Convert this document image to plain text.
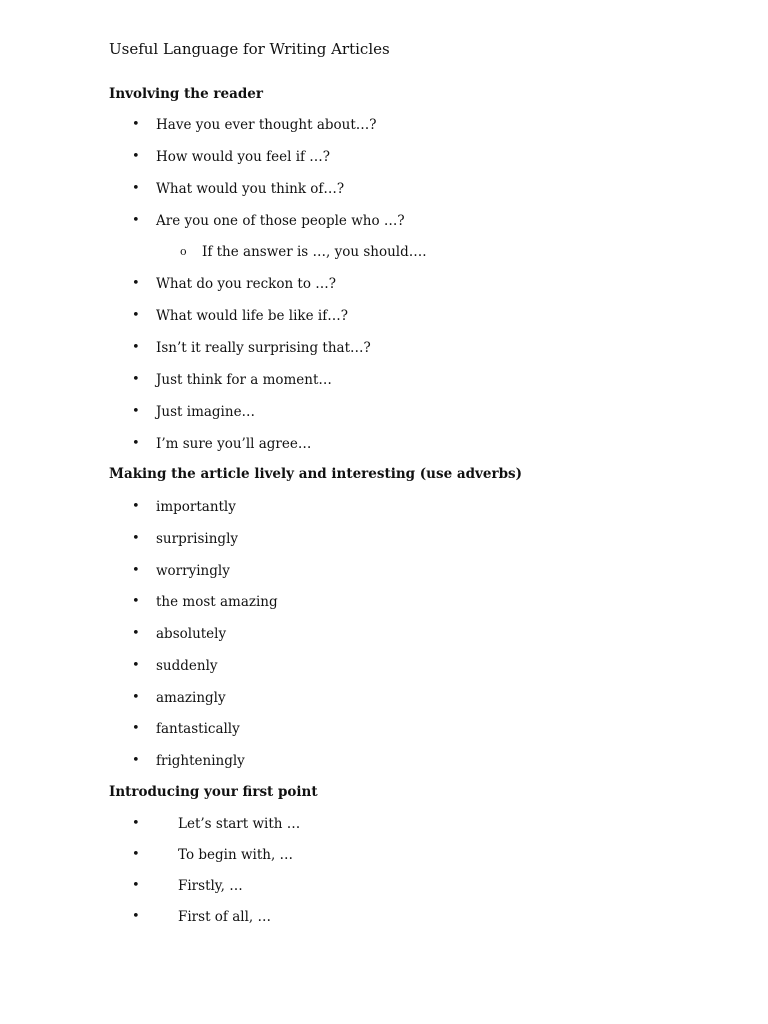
Useful Language for Writing Articles
Involving the reader
• Have you ever thought about…?
• How would you feel if …?
• What would you think of…?
• Are you one of those people who …?
o If the answer is …, you should….
• What do you reckon to …?
• What would life be like if…?
• Isn’t it really surprising that…?
• Just think for a moment…
• Just imagine…
• I’m sure you’ll agree…
Making the article lively and interesting (use adverbs)
• importantly
• surprisingly
• worryingly
• the most amazing
• absolutely
• suddenly
• amazingly
• fantastically
• frighteningly
Introducing your first point
•	Let’s start with …
•	To begin with, …
•	Firstly, …
•	First of all, …
